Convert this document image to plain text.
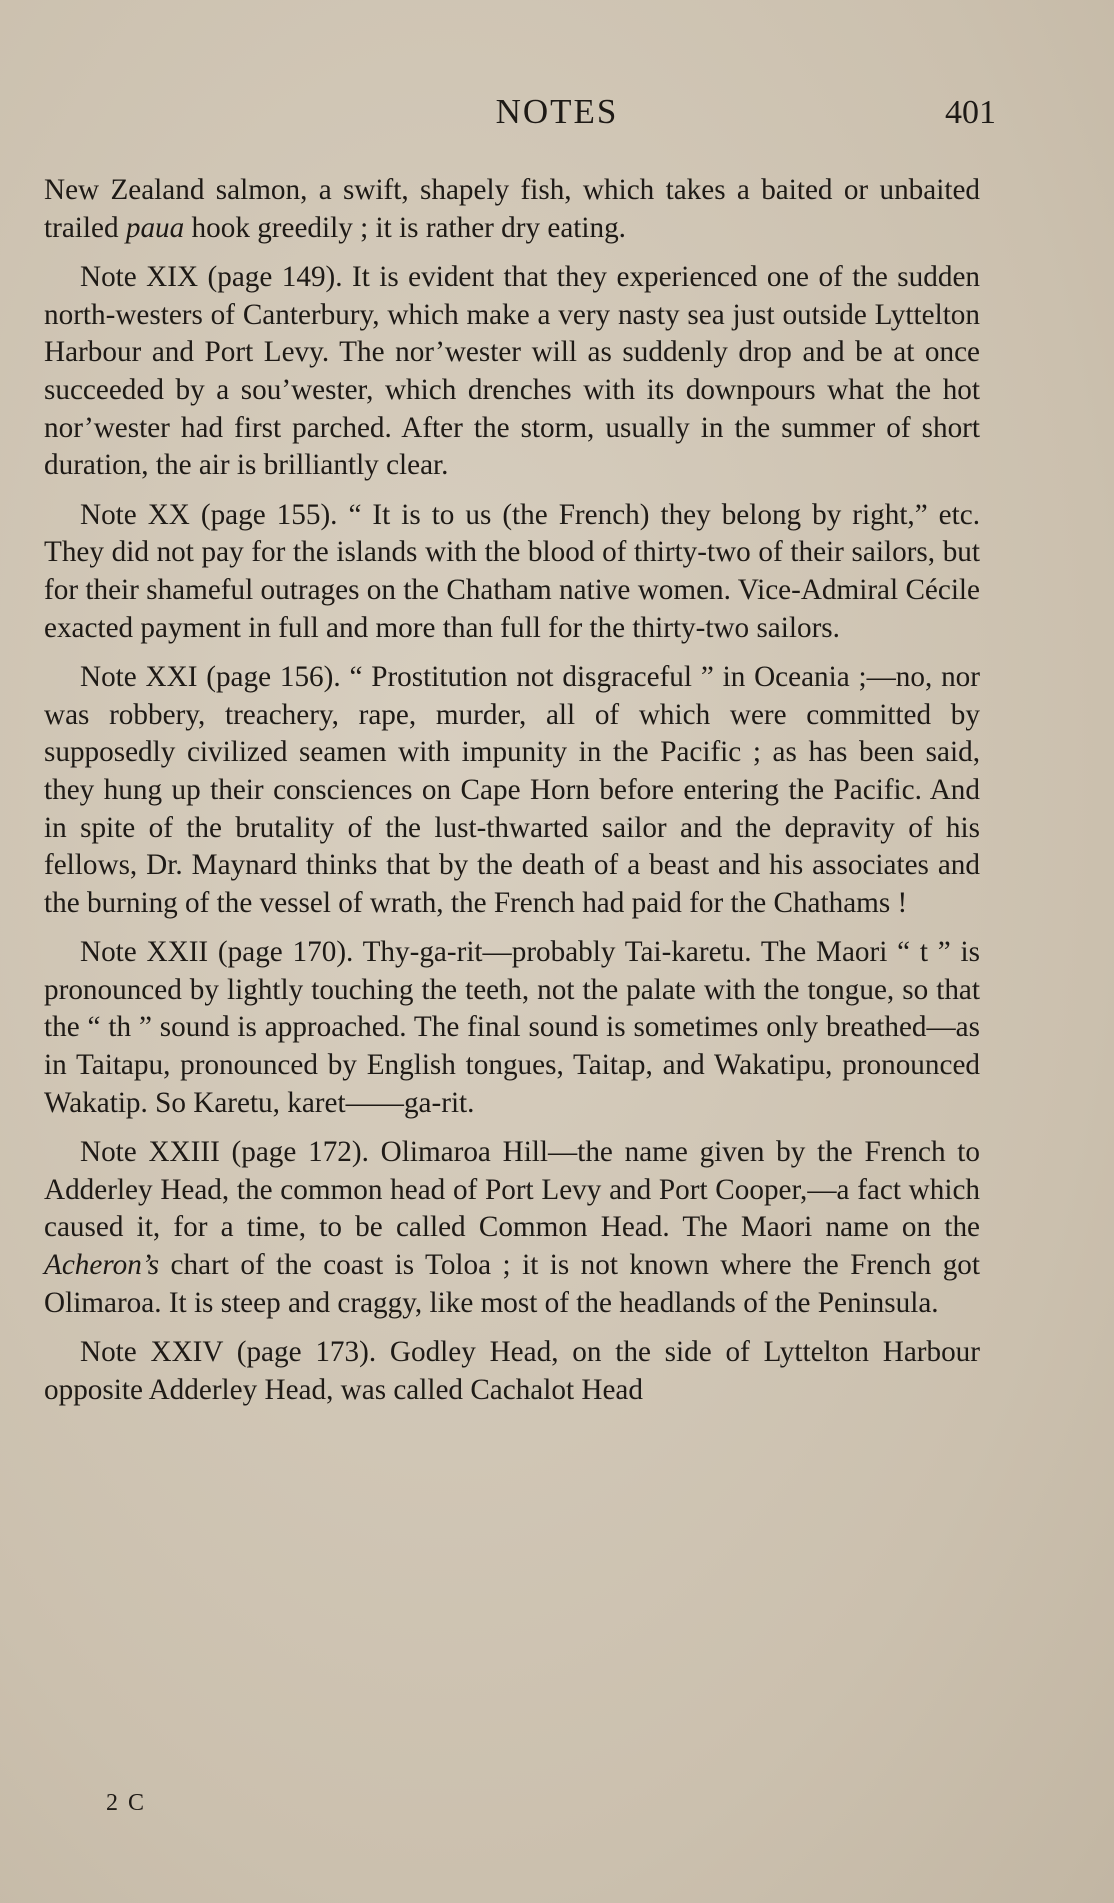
NOTES	401

New Zealand salmon, a swift, shapely fish, which takes a baited or unbaited trailed paua hook greedily ; it is rather dry eating.

Note XIX (page 149). It is evident that they experienced one of the sudden north-westers of Canterbury, which make a very nasty sea just outside Lyttelton Harbour and Port Levy. The nor’wester will as suddenly drop and be at once succeeded by a sou’wester, which drenches with its downpours what the hot nor’wester had first parched. After the storm, usually in the summer of short duration, the air is brilliantly clear.

Note XX (page 155). “ It is to us (the French) they belong by right,” etc. They did not pay for the islands with the blood of thirty-two of their sailors, but for their shameful outrages on the Chatham native women. Vice-Admiral Cécile exacted payment in full and more than full for the thirty-two sailors.

Note XXI (page 156). “ Prostitution not disgraceful ” in Oceania ;—no, nor was robbery, treachery, rape, murder, all of which were committed by supposedly civilized seamen with impunity in the Pacific ; as has been said, they hung up their consciences on Cape Horn before entering the Pacific. And in spite of the brutality of the lust-thwarted sailor and the depravity of his fellows, Dr. Maynard thinks that by the death of a beast and his associates and the burning of the vessel of wrath, the French had paid for the Chathams !

Note XXII (page 170). Thy-ga-rit—probably Tai-karetu. The Maori “ t ” is pronounced by lightly touching the teeth, not the palate with the tongue, so that the “ th ” sound is approached. The final sound is sometimes only breathed—as in Taitapu, pronounced by English tongues, Taitap, and Wakatipu, pronounced Wakatip. So Karetu, karet——ga-rit.

Note XXIII (page 172). Olimaroa Hill—the name given by the French to Adderley Head, the common head of Port Levy and Port Cooper,—a fact which caused it, for a time, to be called Common Head. The Maori name on the Acheron’s chart of the coast is Toloa ; it is not known where the French got Olimaroa. It is steep and craggy, like most of the headlands of the Peninsula.

Note XXIV (page 173). Godley Head, on the side of Lyttelton Harbour opposite Adderley Head, was called Cachalot Head

2 C
